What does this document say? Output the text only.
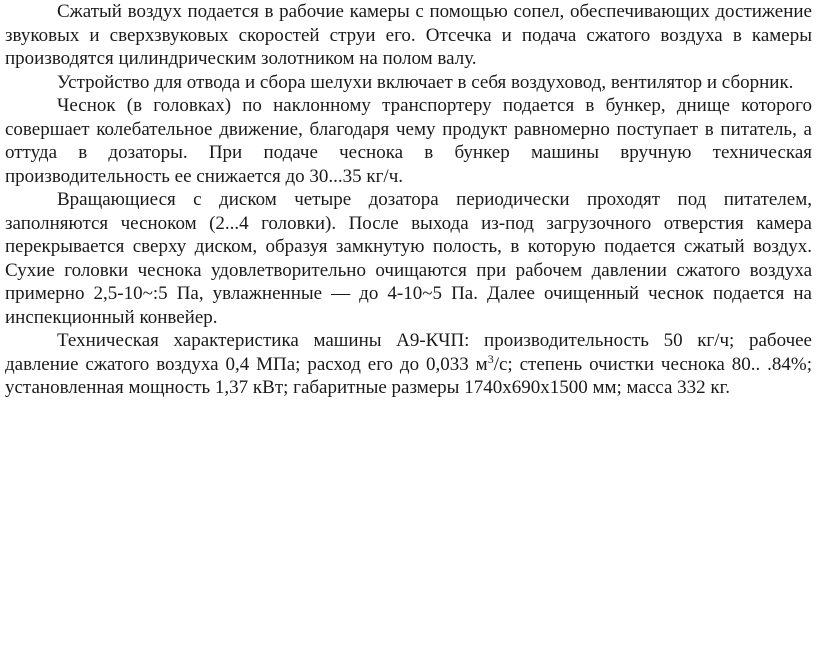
Сжатый воздух подается в рабочие камеры с помощью сопел, обеспечивающих достижение звуковых и сверхзвуковых скоростей струи его. Отсечка и подача сжатого воздуха в камеры производятся цилиндрическим золотником на полом валу.

Устройство для отвода и сбора шелухи включает в себя воздуховод, вентилятор и сборник.

Чеснок (в головках) по наклонному транспортеру подается в бункер, днище которого совершает колебательное движение, благодаря чему продукт равномерно поступает в питатель, а оттуда в дозаторы. При подаче чеснока в бункер машины вручную техническая производительность ее снижается до 30...35 кг/ч.

Вращающиеся с диском четыре дозатора периодически проходят под питателем, заполняются чесноком (2...4 головки). После выхода из-под загрузочного отверстия камера перекрывается сверху диском, образуя замкнутую полость, в которую подается сжатый воздух. Сухие головки чеснока удовлетворительно очищаются при рабочем давлении сжатого воздуха примерно 2,5-10~:5 Па, увлажненные — до 4-10~5 Па. Далее очищенный чеснок подается на инспекционный конвейер.

Техническая характеристика машины А9-КЧП: производительность 50 кг/ч; рабочее давление сжатого воздуха 0,4 МПа; расход его до 0,033 $м^3/с$; степень очистки чеснока 80.. .84%; установленная мощность 1,37 кВт; габаритные размеры 1740х690х1500 мм; масса 332 кг.
